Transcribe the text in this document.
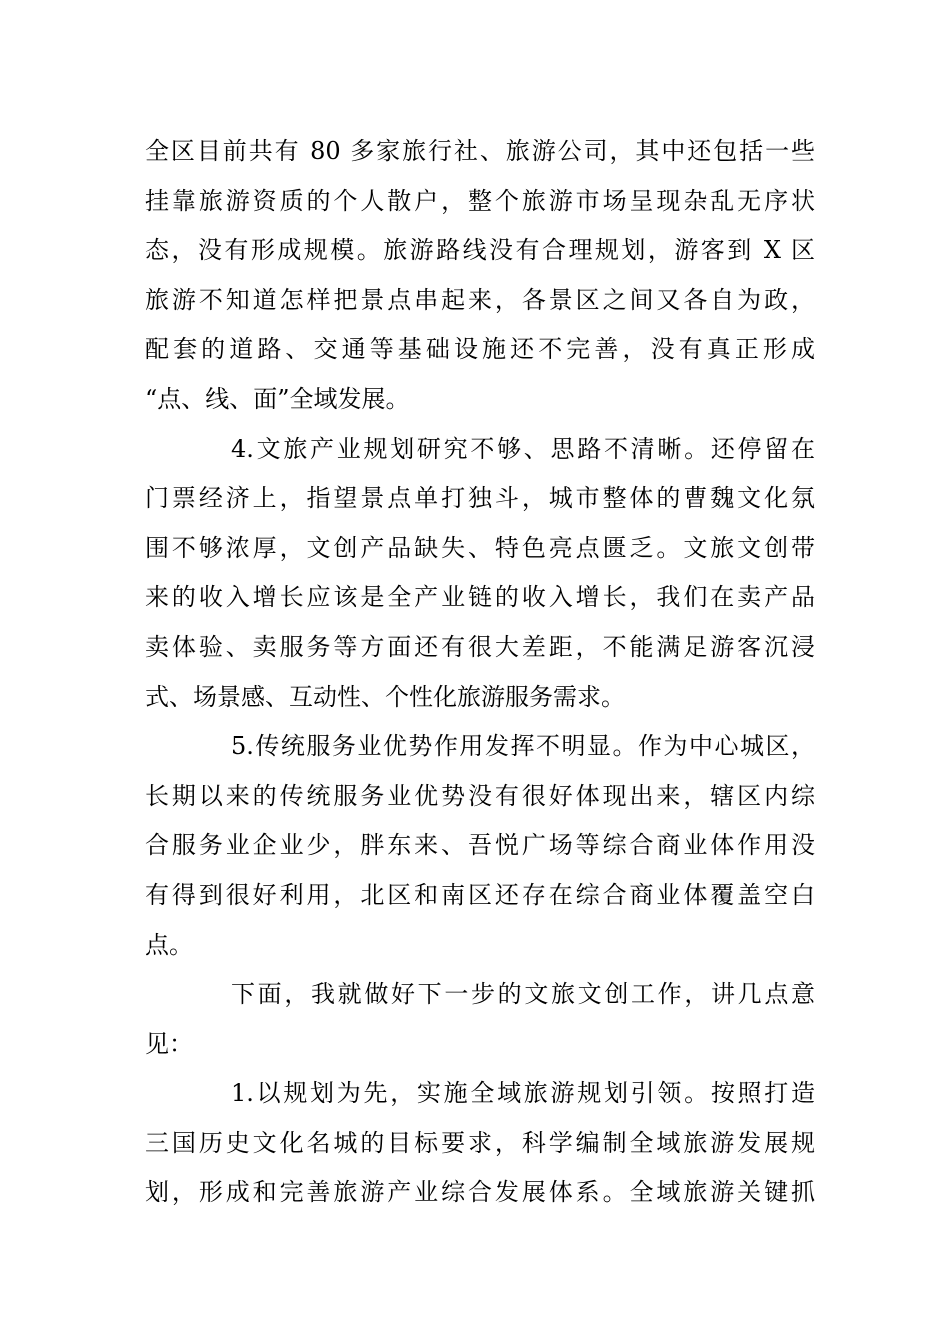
全区目前共有 80 多家旅行社、旅游公司，其中还包括一些
挂靠旅游资质的个人散户，整个旅游市场呈现杂乱无序状
态，没有形成规模。旅游路线没有合理规划，游客到 X 区
旅游不知道怎样把景点串起来，各景区之间又各自为政，
配套的道路、交通等基础设施还不完善，没有真正形成
“点、线、面”全域发展。
4.文旅产业规划研究不够、思路不清晰。还停留在
门票经济上，指望景点单打独斗，城市整体的曹魏文化氛
围不够浓厚，文创产品缺失、特色亮点匮乏。文旅文创带
来的收入增长应该是全产业链的收入增长，我们在卖产品
卖体验、卖服务等方面还有很大差距，不能满足游客沉浸
式、场景感、互动性、个性化旅游服务需求。
5.传统服务业优势作用发挥不明显。作为中心城区，
长期以来的传统服务业优势没有很好体现出来，辖区内综
合服务业企业少，胖东来、吾悦广场等综合商业体作用没
有得到很好利用，北区和南区还存在综合商业体覆盖空白
点。
下面，我就做好下一步的文旅文创工作，讲几点意
见：
1.以规划为先，实施全域旅游规划引领。按照打造
三国历史文化名城的目标要求，科学编制全域旅游发展规
划，形成和完善旅游产业综合发展体系。全域旅游关键抓
